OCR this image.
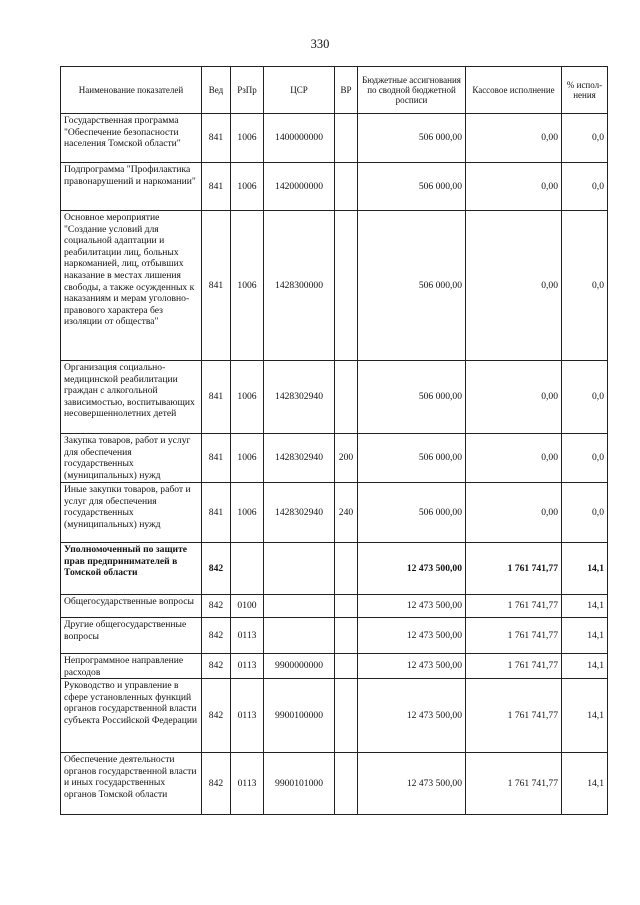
330
Наименование показателей	Вед	РзПр	ЦСР	ВР	Бюджетные ассигнования по сводной бюджетной росписи	Кассовое исполнение	% испол-нения
Государственная программа "Обеспечение безопасности населения Томской области"	841	1006	1400000000		506 000,00	0,00	0,0
Подпрограмма "Профилактика правонарушений и наркомании"	841	1006	1420000000		506 000,00	0,00	0,0
Основное мероприятие "Создание условий для социальной адаптации и реабилитации лиц, больных наркоманией, лиц, отбывших наказание в местах лишения свободы, а также осужденных к наказаниям и мерам уголовно-правового характера без изоляции от общества"	841	1006	1428300000		506 000,00	0,00	0,0
Организация социально-медицинской реабилитации граждан с алкогольной зависимостью, воспитывающих несовершеннолетних детей	841	1006	1428302940		506 000,00	0,00	0,0
Закупка товаров, работ и услуг для обеспечения государственных (муниципальных) нужд	841	1006	1428302940	200	506 000,00	0,00	0,0
Иные закупки товаров, работ и услуг для обеспечения государственных (муниципальных) нужд	841	1006	1428302940	240	506 000,00	0,00	0,0
Уполномоченный по защите прав предпринимателей в Томской области	842				12 473 500,00	1 761 741,77	14,1
Общегосударственные вопросы	842	0100			12 473 500,00	1 761 741,77	14,1
Другие общегосударственные вопросы	842	0113			12 473 500,00	1 761 741,77	14,1
Непрограммное направление расходов	842	0113	9900000000		12 473 500,00	1 761 741,77	14,1
Руководство и управление в сфере установленных функций органов государственной власти субъекта Российской Федерации	842	0113	9900100000		12 473 500,00	1 761 741,77	14,1
Обеспечение деятельности органов государственной власти и иных государственных органов Томской области	842	0113	9900101000		12 473 500,00	1 761 741,77	14,1
